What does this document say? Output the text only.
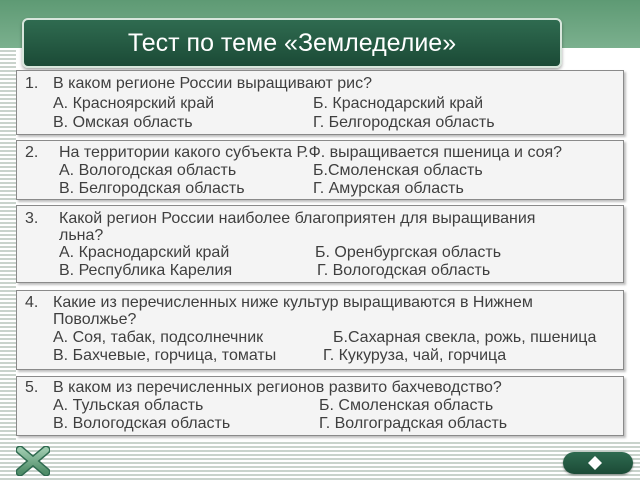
Тест по теме «Земледелие»
1. В каком регионе России выращивают рис?
А. Красноярский край	Б. Краснодарский край
В. Омская область	Г. Белгородская область
2. На территории какого субъекта Р.Ф. выращивается пшеница и соя?
А. Вологодская область	Б.Смоленская область
В. Белгородская область	Г. Амурская область
3. Какой регион России наиболее благоприятен для выращивания
льна?
А. Краснодарский край	Б. Оренбургская область
В. Республика Карелия	Г. Вологодская область
4. Какие из перечисленных ниже культур выращиваются в Нижнем
Поволжье?
А. Соя, табак, подсолнечник	Б.Сахарная свекла, рожь, пшеница
В. Бахчевые, горчица, томаты	Г. Кукуруза, чай, горчица
5. В каком из перечисленных регионов развито бахчеводство?
А. Тульская область	Б. Смоленская область
В. Вологодская область	Г. Волгоградская область
